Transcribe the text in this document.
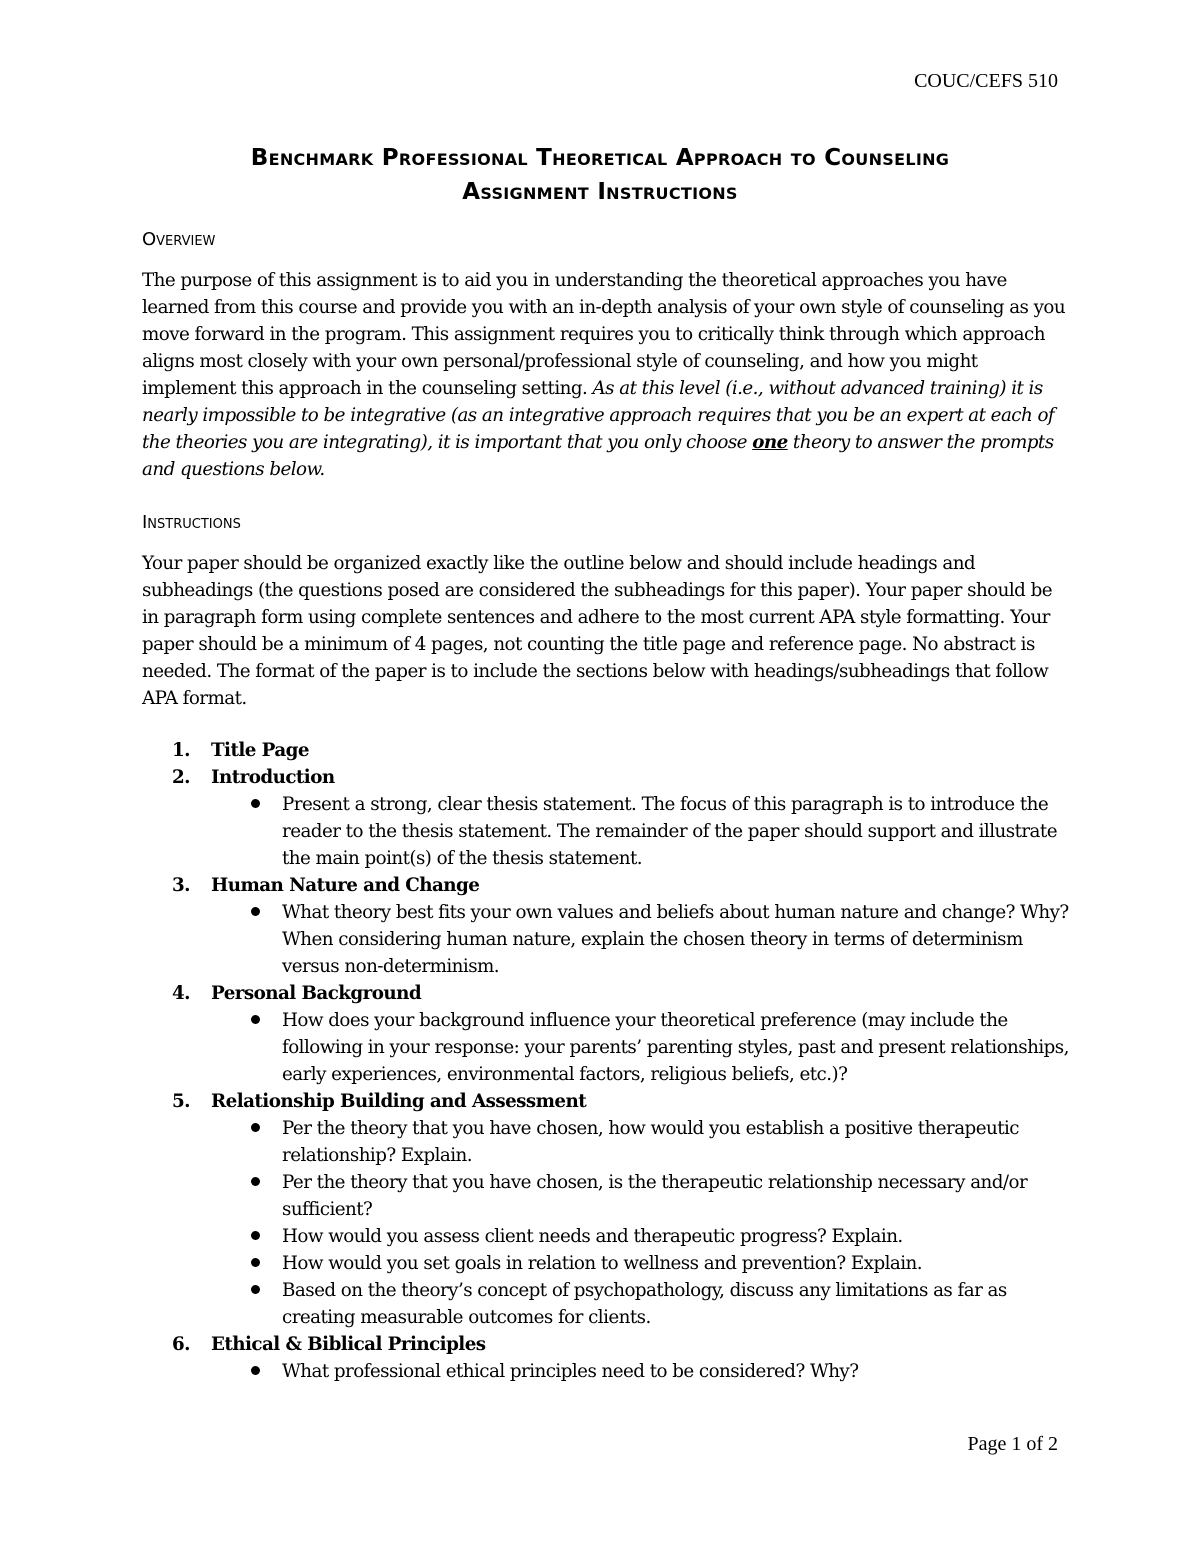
COUC/CEFS 510
Benchmark Professional Theoretical Approach to Counseling
Assignment Instructions
Overview
The purpose of this assignment is to aid you in understanding the theoretical approaches you have learned from this course and provide you with an in-depth analysis of your own style of counseling as you move forward in the program. This assignment requires you to critically think through which approach aligns most closely with your own personal/professional style of counseling, and how you might implement this approach in the counseling setting. As at this level (i.e., without advanced training) it is nearly impossible to be integrative (as an integrative approach requires that you be an expert at each of the theories you are integrating), it is important that you only choose one theory to answer the prompts and questions below.
Instructions
Your paper should be organized exactly like the outline below and should include headings and subheadings (the questions posed are considered the subheadings for this paper). Your paper should be in paragraph form using complete sentences and adhere to the most current APA style formatting. Your paper should be a minimum of 4 pages, not counting the title page and reference page. No abstract is needed. The format of the paper is to include the sections below with headings/subheadings that follow APA format.
1. Title Page
2. Introduction
Present a strong, clear thesis statement. The focus of this paragraph is to introduce the reader to the thesis statement. The remainder of the paper should support and illustrate the main point(s) of the thesis statement.
3. Human Nature and Change
What theory best fits your own values and beliefs about human nature and change? Why? When considering human nature, explain the chosen theory in terms of determinism versus non-determinism.
4. Personal Background
How does your background influence your theoretical preference (may include the following in your response: your parents’ parenting styles, past and present relationships, early experiences, environmental factors, religious beliefs, etc.)?
5. Relationship Building and Assessment
Per the theory that you have chosen, how would you establish a positive therapeutic relationship? Explain.
Per the theory that you have chosen, is the therapeutic relationship necessary and/or sufficient?
How would you assess client needs and therapeutic progress? Explain.
How would you set goals in relation to wellness and prevention? Explain.
Based on the theory’s concept of psychopathology, discuss any limitations as far as creating measurable outcomes for clients.
6. Ethical & Biblical Principles
What professional ethical principles need to be considered? Why?
Page 1 of 2
